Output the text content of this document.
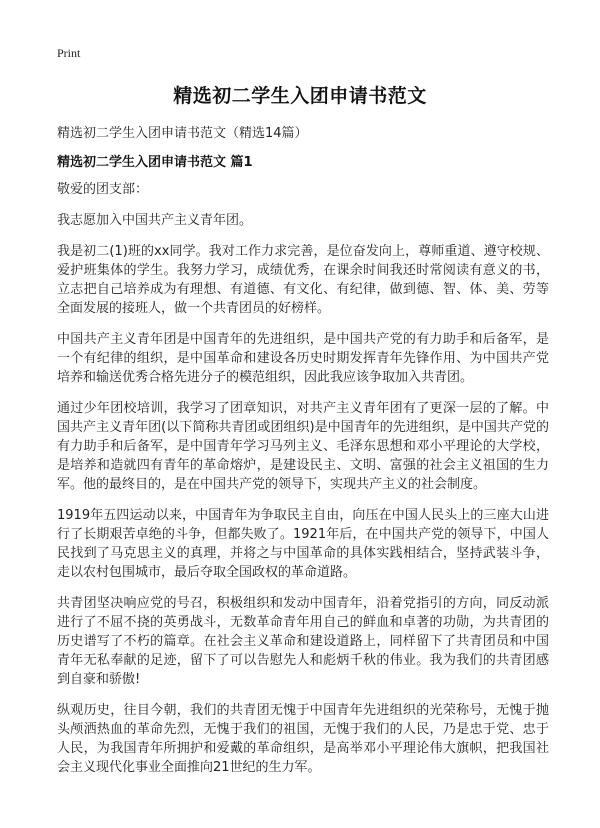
Print
精选初二学生入团申请书范文

精选初二学生入团申请书范文（精选14篇）

精选初二学生入团申请书范文 篇1

敬爱的团支部：

我志愿加入中国共产主义青年团。

我是初二(1)班的xx同学。我对工作力求完善，是位奋发向上，尊师重道、遵守校规、爱护班集体的学生。我努力学习，成绩优秀，在课余时间我还时常阅读有意义的书，立志把自己培养成为有理想、有道德、有文化、有纪律，做到德、智、体、美、劳等全面发展的接班人，做一个共青团员的好榜样。

中国共产主义青年团是中国青年的先进组织，是中国共产党的有力助手和后备军，是一个有纪律的组织，是中国革命和建设各历史时期发挥青年先锋作用、为中国共产党培养和输送优秀合格先进分子的模范组织，因此我应该争取加入共青团。

通过少年团校培训，我学习了团章知识，对共产主义青年团有了更深一层的了解。中国共产主义青年团(以下简称共青团或团组织)是中国青年的先进组织，是中国共产党的有力助手和后备军，是中国青年学习马列主义、毛泽东思想和邓小平理论的大学校，是培养和造就四有青年的革命熔炉，是建设民主、文明、富强的社会主义祖国的生力军。他的最终目的，是在中国共产党的领导下，实现共产主义的社会制度。

1919年五四运动以来，中国青年为争取民主自由，向压在中国人民头上的三座大山进行了长期艰苦卓绝的斗争，但都失败了。1921年后，在中国共产党的领导下，中国人民找到了马克思主义的真理，并将之与中国革命的具体实践相结合，坚持武装斗争，走以农村包围城市，最后夺取全国政权的革命道路。

共青团坚决响应党的号召，积极组织和发动中国青年，沿着党指引的方向，同反动派进行了不屈不挠的英勇战斗，无数革命青年用自己的鲜血和卓著的功勋，为共青团的历史谱写了不朽的篇章。在社会主义革命和建设道路上，同样留下了共青团员和中国青年无私奉献的足迹，留下了可以告慰先人和彪炳千秋的伟业。我为我们的共青团感到自豪和骄傲!

纵观历史，往目今朝，我们的共青团无愧于中国青年先进组织的光荣称号，无愧于抛头颅洒热血的革命先烈，无愧于我们的祖国，无愧于我们的人民，乃是忠于党、忠于人民，为我国青年所拥护和爱戴的革命组织，是高举邓小平理论伟大旗帜，把我国社会主义现代化事业全面推向21世纪的生力军。
